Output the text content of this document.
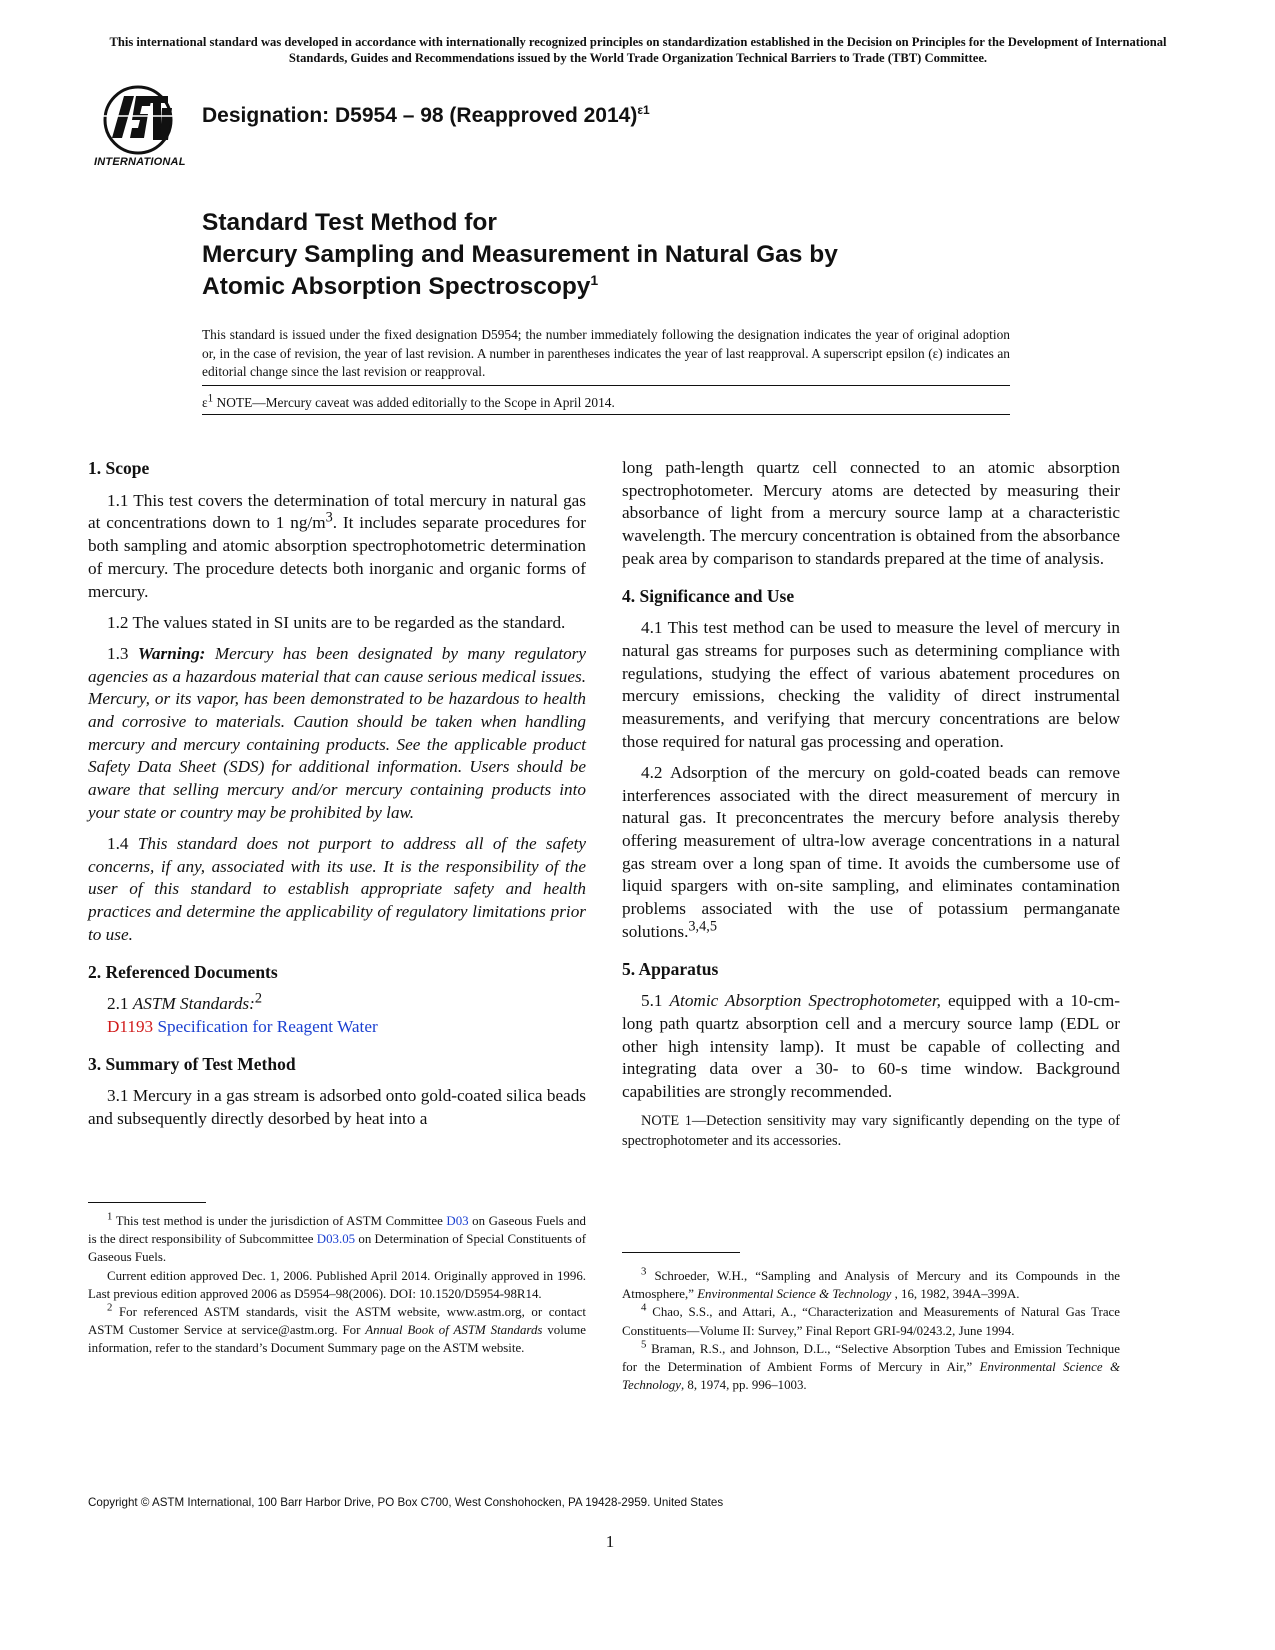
This international standard was developed in accordance with internationally recognized principles on standardization established in the Decision on Principles for the Development of International Standards, Guides and Recommendations issued by the World Trade Organization Technical Barriers to Trade (TBT) Committee.
INTERNATIONAL
Designation: D5954 – 98 (Reapproved 2014)$^{\varepsilon 1}$
Standard Test Method for
Mercury Sampling and Measurement in Natural Gas by
Atomic Absorption Spectroscopy$^1$
This standard is issued under the fixed designation D5954; the number immediately following the designation indicates the year of original adoption or, in the case of revision, the year of last revision. A number in parentheses indicates the year of last reapproval. A superscript epsilon (ε) indicates an editorial change since the last revision or reapproval.
$\varepsilon^1$ NOTE—Mercury caveat was added editorially to the Scope in April 2014.
1. Scope

1.1 This test covers the determination of total mercury in natural gas at concentrations down to 1 $ng/m^3$. It includes separate procedures for both sampling and atomic absorption spectrophotometric determination of mercury. The procedure detects both inorganic and organic forms of mercury.

1.2 The values stated in SI units are to be regarded as the standard.

1.3 Warning: Mercury has been designated by many regulatory agencies as a hazardous material that can cause serious medical issues. Mercury, or its vapor, has been demonstrated to be hazardous to health and corrosive to materials. Caution should be taken when handling mercury and mercury containing products. See the applicable product Safety Data Sheet (SDS) for additional information. Users should be aware that selling mercury and/or mercury containing products into your state or country may be prohibited by law.

1.4 This standard does not purport to address all of the safety concerns, if any, associated with its use. It is the responsibility of the user of this standard to establish appropriate safety and health practices and determine the applicability of regulatory limitations prior to use.

2. Referenced Documents

2.1 ASTM Standards:$^2$

D1193 Specification for Reagent Water

3. Summary of Test Method

3.1 Mercury in a gas stream is adsorbed onto gold-coated silica beads and subsequently directly desorbed by heat into a

$^1$ This test method is under the jurisdiction of ASTM Committee D03 on Gaseous Fuels and is the direct responsibility of Subcommittee D03.05 on Determination of Special Constituents of Gaseous Fuels.

Current edition approved Dec. 1, 2006. Published April 2014. Originally approved in 1996. Last previous edition approved 2006 as D5954–98(2006). DOI: 10.1520/D5954-98R14.

$^2$ For referenced ASTM standards, visit the ASTM website, www.astm.org, or contact ASTM Customer Service at service@astm.org. For Annual Book of ASTM Standards volume information, refer to the standard’s Document Summary page on the ASTM website.

long path-length quartz cell connected to an atomic absorption spectrophotometer. Mercury atoms are detected by measuring their absorbance of light from a mercury source lamp at a characteristic wavelength. The mercury concentration is obtained from the absorbance peak area by comparison to standards prepared at the time of analysis.

4. Significance and Use

4.1 This test method can be used to measure the level of mercury in natural gas streams for purposes such as determining compliance with regulations, studying the effect of various abatement procedures on mercury emissions, checking the validity of direct instrumental measurements, and verifying that mercury concentrations are below those required for natural gas processing and operation.

4.2 Adsorption of the mercury on gold-coated beads can remove interferences associated with the direct measurement of mercury in natural gas. It preconcentrates the mercury before analysis thereby offering measurement of ultra-low average concentrations in a natural gas stream over a long span of time. It avoids the cumbersome use of liquid spargers with on-site sampling, and eliminates contamination problems associated with the use of potassium permanganate solutions.$^{3,4,5}$

5. Apparatus

5.1 Atomic Absorption Spectrophotometer, equipped with a 10-cm-long path quartz absorption cell and a mercury source lamp (EDL or other high intensity lamp). It must be capable of collecting and integrating data over a 30- to 60-s time window. Background capabilities are strongly recommended.

NOTE 1—Detection sensitivity may vary significantly depending on the type of spectrophotometer and its accessories.

$^3$ Schroeder, W.H., “Sampling and Analysis of Mercury and its Compounds in the Atmosphere,” Environmental Science & Technology , 16, 1982, 394A–399A.

$^4$ Chao, S.S., and Attari, A., “Characterization and Measurements of Natural Gas Trace Constituents—Volume II: Survey,” Final Report GRI-94/0243.2, June 1994.

$^5$ Braman, R.S., and Johnson, D.L., “Selective Absorption Tubes and Emission Technique for the Determination of Ambient Forms of Mercury in Air,” Environmental Science & Technology, 8, 1974, pp. 996–1003.

Copyright © ASTM International, 100 Barr Harbor Drive, PO Box C700, West Conshohocken, PA 19428-2959. United States
1
